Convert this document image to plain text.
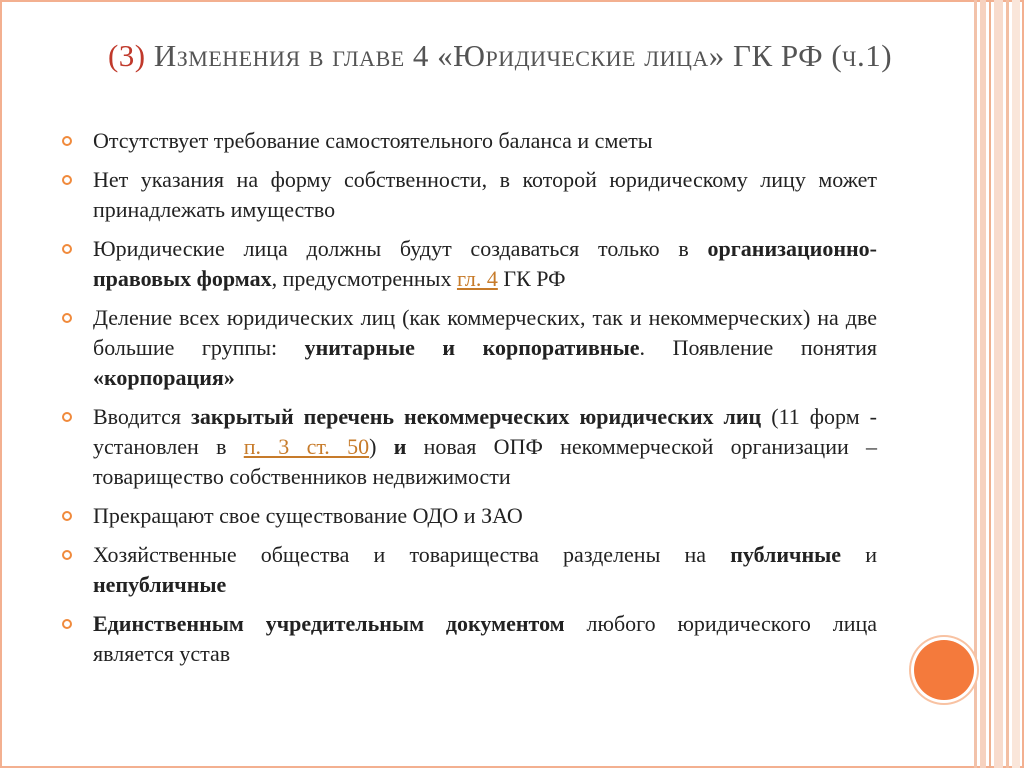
(3) Изменения в главе 4 «Юридические лица» ГК РФ (ч.1)
Отсутствует требование самостоятельного баланса и сметы
Нет указания на форму собственности, в которой юридическому лицу может принадлежать имущество
Юридические лица должны будут создаваться только в организационно-правовых формах, предусмотренных гл. 4 ГК РФ
Деление всех юридических лиц (как коммерческих, так и некоммерческих) на две большие группы: унитарные и корпоративные. Появление понятия «корпорация»
Вводится закрытый перечень некоммерческих юридических лиц (11 форм - установлен в п. 3 ст. 50) и новая ОПФ некоммерческой организации – товарищество собственников недвижимости
Прекращают свое существование ОДО и ЗАО
Хозяйственные общества и товарищества разделены на публичные и непубличные
Единственным учредительным документом любого юридического лица является устав
